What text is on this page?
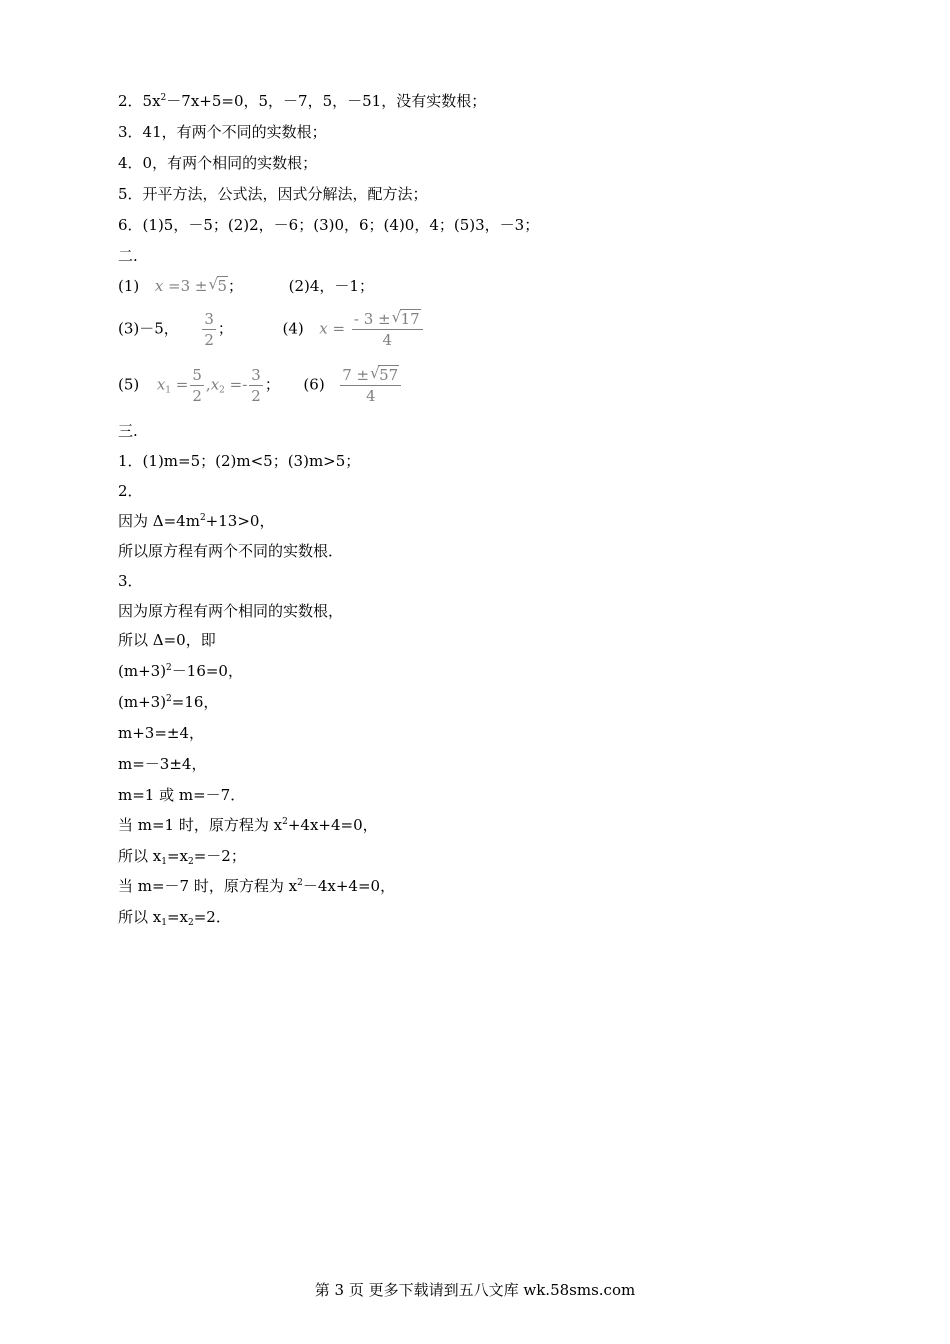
2．$5x^2-7x+5=0$，5，－7，5，－51，没有实数根；
3．41，有两个不同的实数根；
4．0，有两个相同的实数根；
5．开平方法，公式法，因式分解法，配方法；
6．(1)5，－5；(2)2，－6；(3)0，6；(4)0，4；(5)3，－3；
二.
(1) x =3 ± √ 5；	(2)4，－1；
(3)－5， $\frac{3}{2}$ ；	(4) $x = \frac{- 3 \pm √ 17}{4}$
(5) $x_1 = \frac{5}{2} ,x_2 =- \frac{3}{2}$ ； $(6) \frac{7 \pm √ 57}{4}$
三.
1．(1)m=5；(2)m<5；(3)m>5；
2．
因为 $\Delta=4m^2+13>0$，
所以原方程有两个不同的实数根．
3．
因为原方程有两个相同的实数根，
所以 Δ=0，即
$(m+3)^2-16=0$，
$(m+3)^2=16$，
m+3=±4，
m=－3±4，
m=1 或 m=－7．
当 m=1 时，原方程为 $x^2+4x+4=0$，
所以 $x_1=x_2=-2$；
当 m=－7 时，原方程为 $x^2-4x+4=0$，
所以 $x_1=x_2=2$．
第 3 页 更多下载请到五八文库 wk.58sms.com
